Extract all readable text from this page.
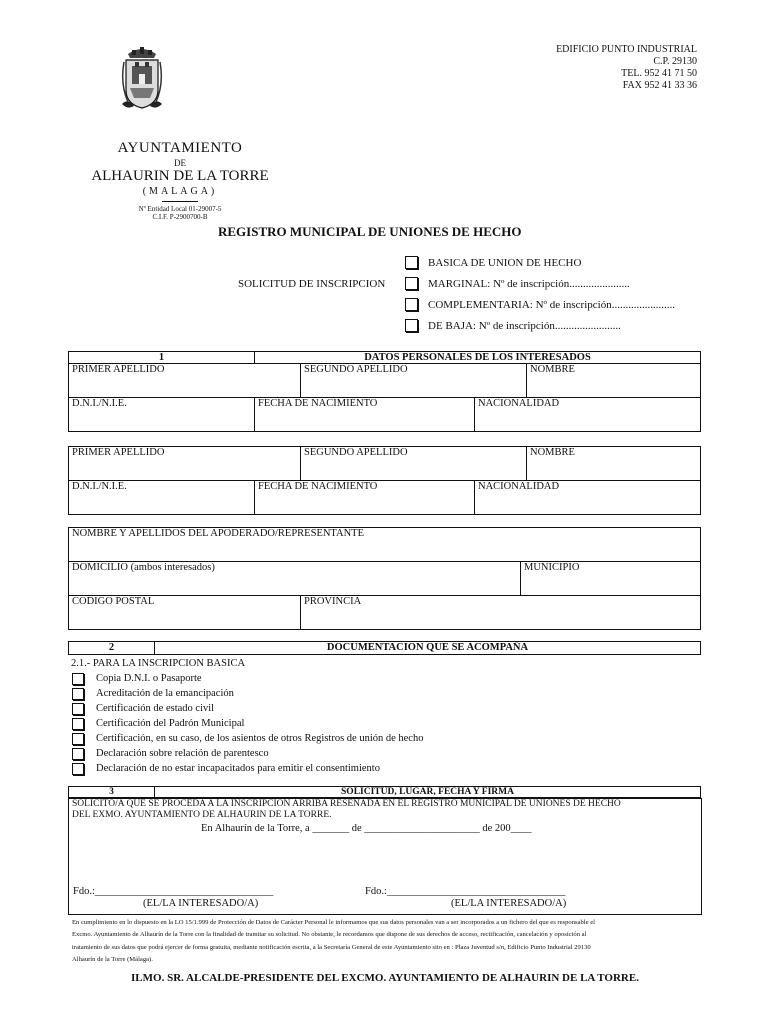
EDIFICIO PUNTO INDUSTRIAL
C.P. 29130
TEL. 952 41 71 50
FAX 952 41 33 36
AYUNTAMIENTO
DE
ALHAURIN DE LA TORRE
(MALAGA)
Nº Entidad Local 01-29007-5
C.I.F. P-2900700-B
REGISTRO MUNICIPAL DE UNIONES DE HECHO
SOLICITUD DE INSCRIPCION
BASICA DE UNION DE HECHO
MARGINAL: Nº de inscripción......................
COMPLEMENTARIA: Nº de inscripción.......................
DE BAJA: Nº de inscripción........................
1	DATOS PERSONALES DE LOS INTERESADOS			
PRIMER APELLIDO		SEGUNDO APELLIDO		NOMBRE
D.N.I./N.I.E.	FECHA DE NACIMIENTO		NACIONALIDAD	
PRIMER APELLIDO		SEGUNDO APELLIDO		NOMBRE
D.N.I./N.I.E.	FECHA DE NACIMIENTO		NACIONALIDAD	
NOMBRE Y APELLIDOS DEL APODERADO/REPRESENTANTE		
DOMICILIO (ambos interesados)		MUNICIPIO
CODIGO POSTAL	PROVINCIA	
2	DOCUMENTACION QUE SE ACOMPAÑA
2.1.- PARA LA INSCRIPCION BASICA
Copia D.N.I. o Pasaporte
Acreditación de la emancipación
Certificación de estado civil
Certificación del Padrón Municipal
Certificación, en su caso, de los asientos de otros Registros de unión de hecho
Declaración sobre relación de parentesco
Declaración de no estar incapacitados para emitir el consentimiento
3	SOLICITUD, LUGAR, FECHA Y FIRMA
SOLICITO/A QUE SE PROCEDA A LA INSCRIPCION ARRIBA RESEÑADA EN EL REGISTRO MUNICIPAL DE UNIONES DE HECHO
DEL EXMO. AYUNTAMIENTO DE ALHAURIN DE LA TORRE.
En Alhaurín de la Torre, a _______ de ______________________ de 200____
Fdo.:__________________________________	Fdo.:__________________________________
(EL/LA INTERESADO/A)	(EL/LA INTERESADO/A)
En cumplimiento en lo dispuesto en la LO 15/1.999 de Protección de Datos de Carácter Personal le informamos que sus datos personales van a ser incorporados a un fichero del que es responsable el
Excmo. Ayuntamiento de Alhaurín de la Torre con la finalidad de tramitar su solicitud. No obstante, le recordamos que dispone de sus derechos de acceso, rectificación, cancelación y oposición al
tratamiento de sus datos que podrá ejercer de forma gratuita, mediante notificación escrita, a la Secretaría General de este Ayuntamiento sito en : Plaza Juventud s/n, Edificio Punto Industrial 29130
Alhaurín de la Torre (Málaga).
ILMO. SR. ALCALDE-PRESIDENTE DEL EXCMO. AYUNTAMIENTO DE ALHAURIN DE LA TORRE.
